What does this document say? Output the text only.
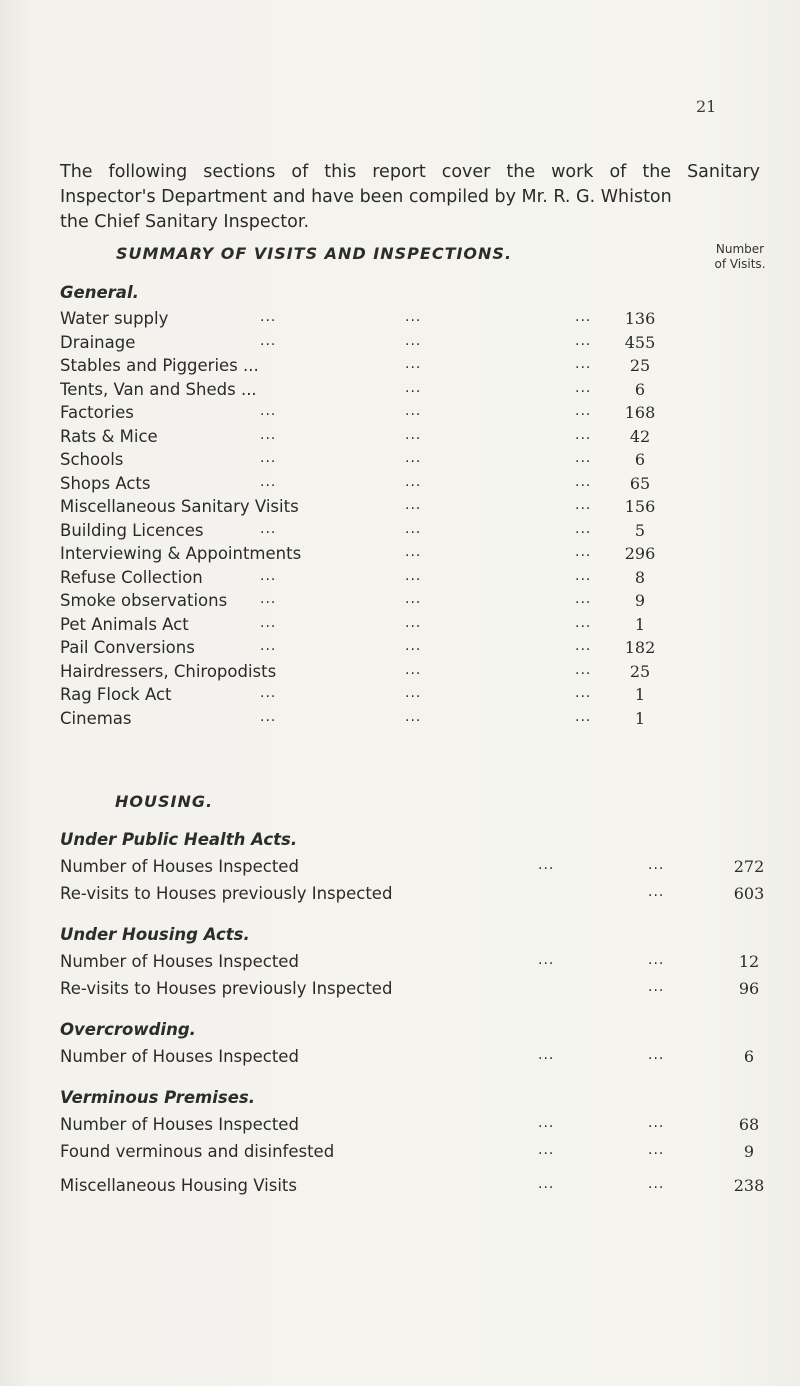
21
The following sections of this report cover the work of the Sanitary
Inspector's Department and have been compiled by Mr. R. G. Whiston
the Chief Sanitary Inspector.
SUMMARY OF VISITS AND INSPECTIONS.	Number
of Visits.
General.
Water supply	...	...	...	136
Drainage	...	...	...	455
Stables and Piggeries ...	...	...	25
Tents, Van and Sheds ...	...	...	6
Factories	...	...	...	168
Rats & Mice	...	...	...	42
Schools	...	...	...	6
Shops Acts	...	...	...	65
Miscellaneous Sanitary Visits	...	...	156
Building Licences	...	...	...	5
Interviewing & Appointments	...	...	296
Refuse Collection	...	...	...	8
Smoke observations ...	...	...	9
Pet Animals Act	...	...	...	1
Pail Conversions	...	...	...	182
Hairdressers, Chiropodists	...	...	25
Rag Flock Act	...	...	...	1
Cinemas	...	...	...	1
HOUSING.
Under Public Health Acts.
Number of Houses Inspected	...	...	272
Re-visits to Houses previously Inspected	...	603
Under Housing Acts.
Number of Houses Inspected	...	...	12
Re-visits to Houses previously Inspected	...	96
Overcrowding.
Number of Houses Inspected	...	...	6
Verminous Premises.
Number of Houses Inspected	...	...	68
Found verminous and disinfested	...	...	9
Miscellaneous Housing Visits	...	...	238
